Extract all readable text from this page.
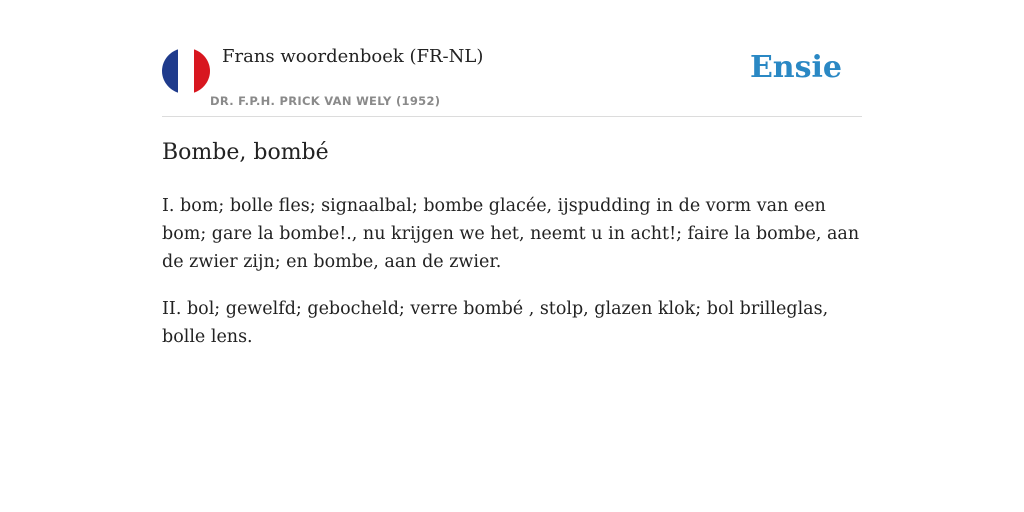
Frans woordenboek (FR-NL)
DR. F.P.H. PRICK VAN WELY (1952)
Ensie
Bombe, bombé

I. bom; bolle fles; signaalbal; bombe glacée, ijspudding in de vorm van een bom; gare la bombe!., nu krijgen we het, neemt u in acht!; faire la bombe, aan de zwier zijn; en bombe, aan de zwier.

II. bol; gewelfd; gebocheld; verre bombé , stolp, glazen klok; bol brilleglas, bolle lens.
